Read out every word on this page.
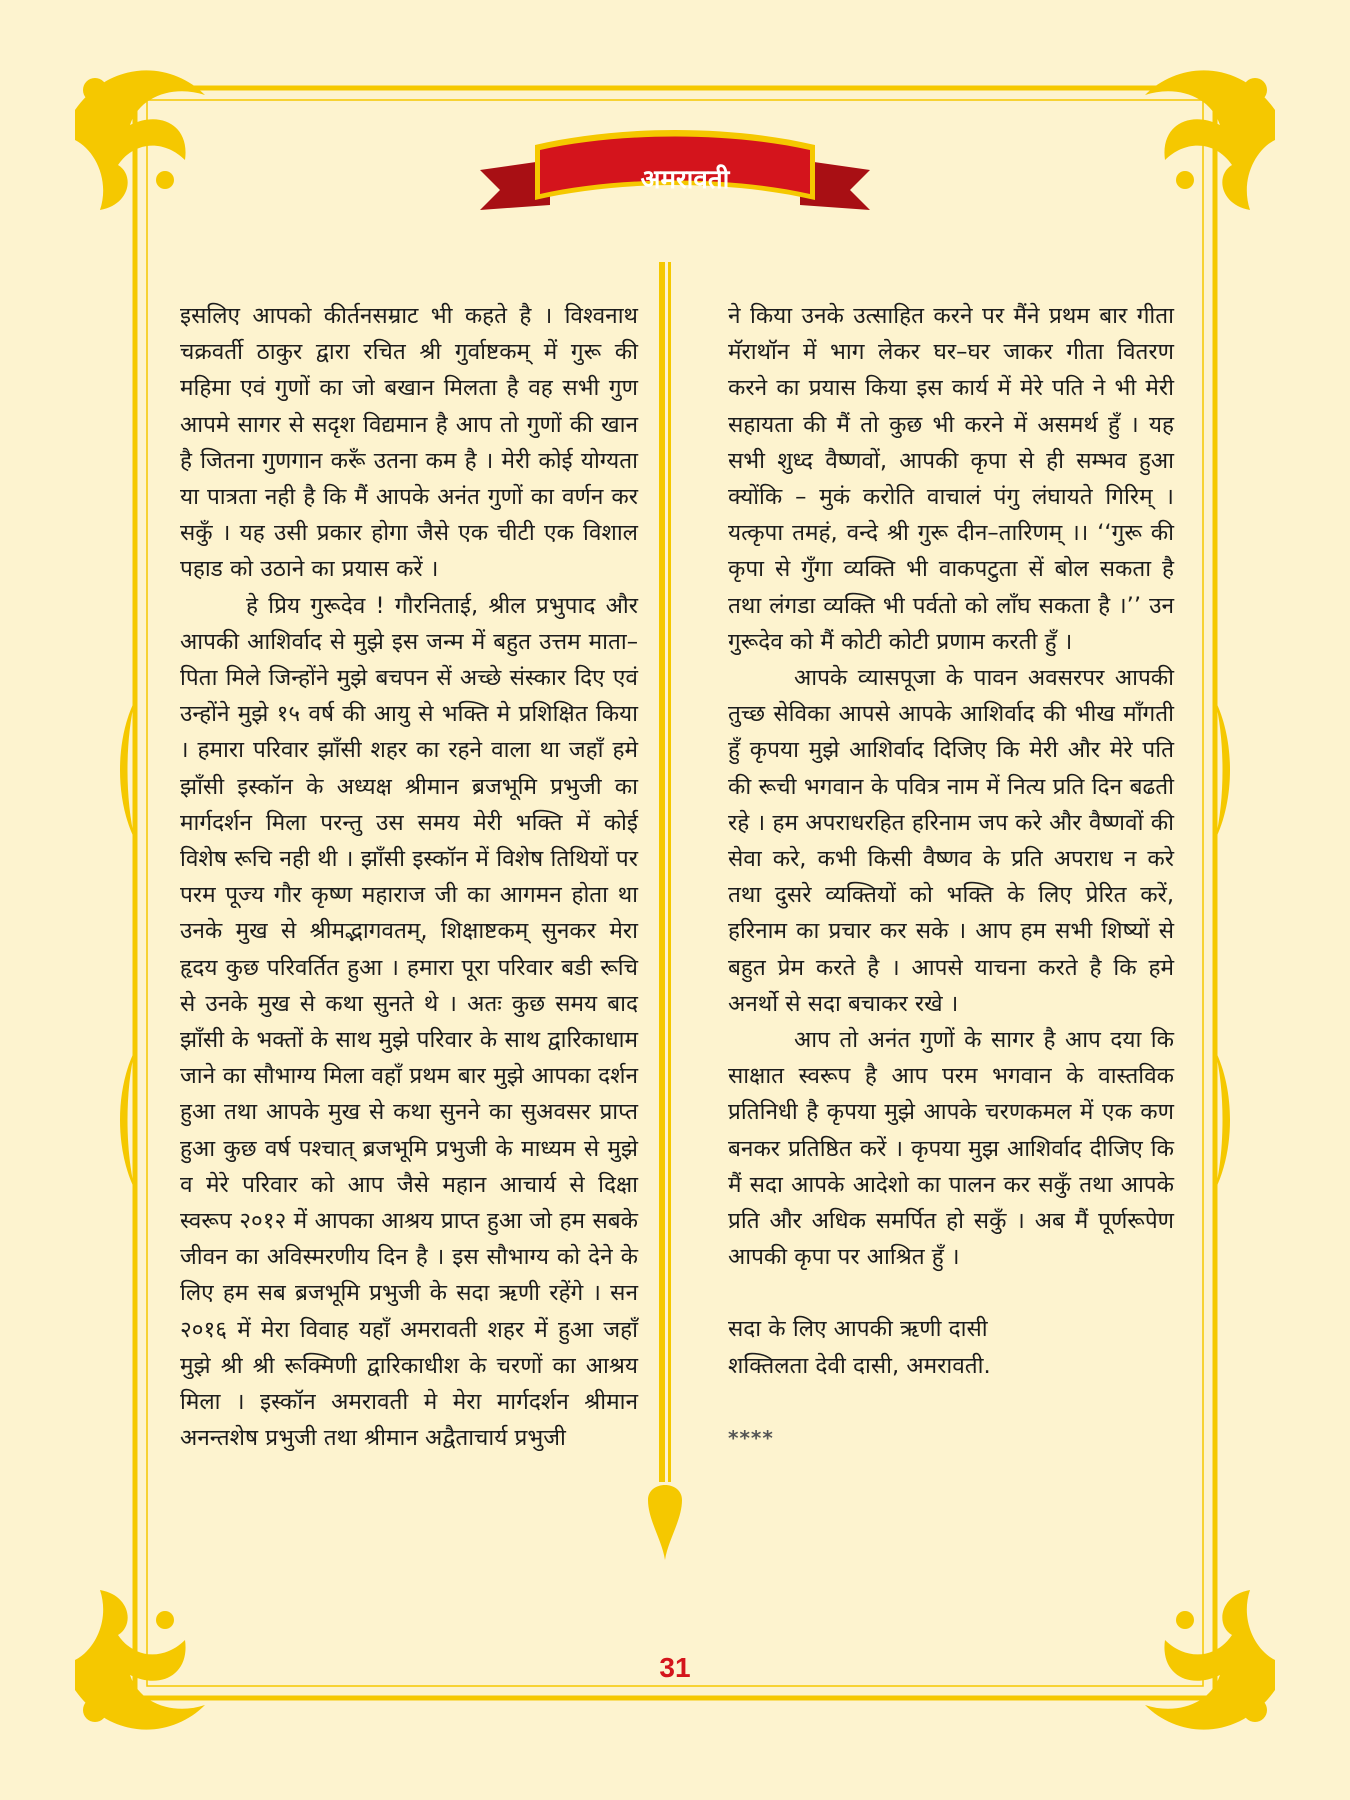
अमरावती

इसलिए आपको कीर्तनसम्राट भी कहते है । विश्वनाथ चक्रवर्ती ठाकुर द्वारा रचित श्री गुर्वाष्टकम् में गुरू की महिमा एवं गुणों का जो बखान मिलता है वह सभी गुण आपमे सागर से सदृश विद्यमान है आप तो गुणों की खान है जितना गुणगान करूँ उतना कम है । मेरी कोई योग्यता या पात्रता नही है कि मैं आपके अनंत गुणों का वर्णन कर सकुँ । यह उसी प्रकार होगा जैसे एक चीटी एक विशाल पहाड को उठाने का प्रयास करें ।

हे प्रिय गुरूदेव ! गौरनिताई, श्रील प्रभुपाद और आपकी आशिर्वाद से मुझे इस जन्म में बहुत उत्तम माता–पिता मिले जिन्होंने मुझे बचपन सें अच्छे संस्कार दिए एवं उन्होंने मुझे १५ वर्ष की आयु से भक्ति मे प्रशिक्षित किया । हमारा परिवार झाँसी शहर का रहने वाला था जहाँ हमे झाँसी इस्कॉन के अध्यक्ष श्रीमान ब्रजभूमि प्रभुजी का मार्गदर्शन मिला परन्तु उस समय मेरी भक्ति में कोई विशेष रूचि नही थी । झाँसी इस्कॉन में विशेष तिथियों पर परम पूज्य गौर कृष्ण महाराज जी का आगमन होता था उनके मुख से श्रीमद्भागवतम्, शिक्षाष्टकम् सुनकर मेरा हृदय कुछ परिवर्तित हुआ । हमारा पूरा परिवार बडी रूचि से उनके मुख से कथा सुनते थे । अतः कुछ समय बाद झाँसी के भक्तों के साथ मुझे परिवार के साथ द्वारिकाधाम जाने का सौभाग्य मिला वहाँ प्रथम बार मुझे आपका दर्शन हुआ तथा आपके मुख से कथा सुनने का सुअवसर प्राप्त हुआ कुछ वर्ष पश्चात् ब्रजभूमि प्रभुजी के माध्यम से मुझे व मेरे परिवार को आप जैसे महान आचार्य से दिक्षा स्वरूप २०१२ में आपका आश्रय प्राप्त हुआ जो हम सबके जीवन का अविस्मरणीय दिन है । इस सौभाग्य को देने के लिए हम सब ब्रजभूमि प्रभुजी के सदा ऋणी रहेंगे । सन २०१६ में मेरा विवाह यहाँ अमरावती शहर में हुआ जहाँ मुझे श्री श्री रूक्मिणी द्वारिकाधीश के चरणों का आश्रय मिला । इस्कॉन अमरावती मे मेरा मार्गदर्शन श्रीमान अनन्तशेष प्रभुजी तथा श्रीमान अद्वैताचार्य प्रभुजी

ने किया उनके उत्साहित करने पर मैंने प्रथम बार गीता मॅराथॉन में भाग लेकर घर–घर जाकर गीता वितरण करने का प्रयास किया इस कार्य में मेरे पति ने भी मेरी सहायता की मैं तो कुछ भी करने में असमर्थ हुँ । यह सभी शुध्द वैष्णवों, आपकी कृपा से ही सम्भव हुआ क्योंकि – मुकं करोति वाचालं पंगु लंघायते गिरिम् । यत्कृपा तमहं, वन्दे श्री गुरू दीन–तारिणम् ।। ‘‘गुरू की कृपा से गुँगा व्यक्ति भी वाकपटुता सें बोल सकता है तथा लंगडा व्यक्ति भी पर्वतो को लाँघ सकता है ।’’ उन गुरूदेव को मैं कोटी कोटी प्रणाम करती हुँ ।

आपके व्यासपूजा के पावन अवसरपर आपकी तुच्छ सेविका आपसे आपके आशिर्वाद की भीख माँगती हुँ कृपया मुझे आशिर्वाद दिजिए कि मेरी और मेरे पति की रूची भगवान के पवित्र नाम में नित्य प्रति दिन बढती रहे । हम अपराधरहित हरिनाम जप करे और वैष्णवों की सेवा करे, कभी किसी वैष्णव के प्रति अपराध न करे तथा दुसरे व्यक्तियों को भक्ति के लिए प्रेरित करें, हरिनाम का प्रचार कर सके । आप हम सभी शिष्यों से बहुत प्रेम करते है । आपसे याचना करते है कि हमे अनर्थो से सदा बचाकर रखे ।

आप तो अनंत गुणों के सागर है आप दया कि साक्षात स्वरूप है आप परम भगवान के वास्तविक प्रतिनिधी है कृपया मुझे आपके चरणकमल में एक कण बनकर प्रतिष्ठित करें । कृपया मुझ आशिर्वाद दीजिए कि मैं सदा आपके आदेशो का पालन कर सकुँ तथा आपके प्रति और अधिक समर्पित हो सकुँ । अब मैं पूर्णरूपेण आपकी कृपा पर आश्रित हुँ ।

सदा के लिए आपकी ऋणी दासी

शक्तिलता देवी दासी, अमरावती.

****

31
